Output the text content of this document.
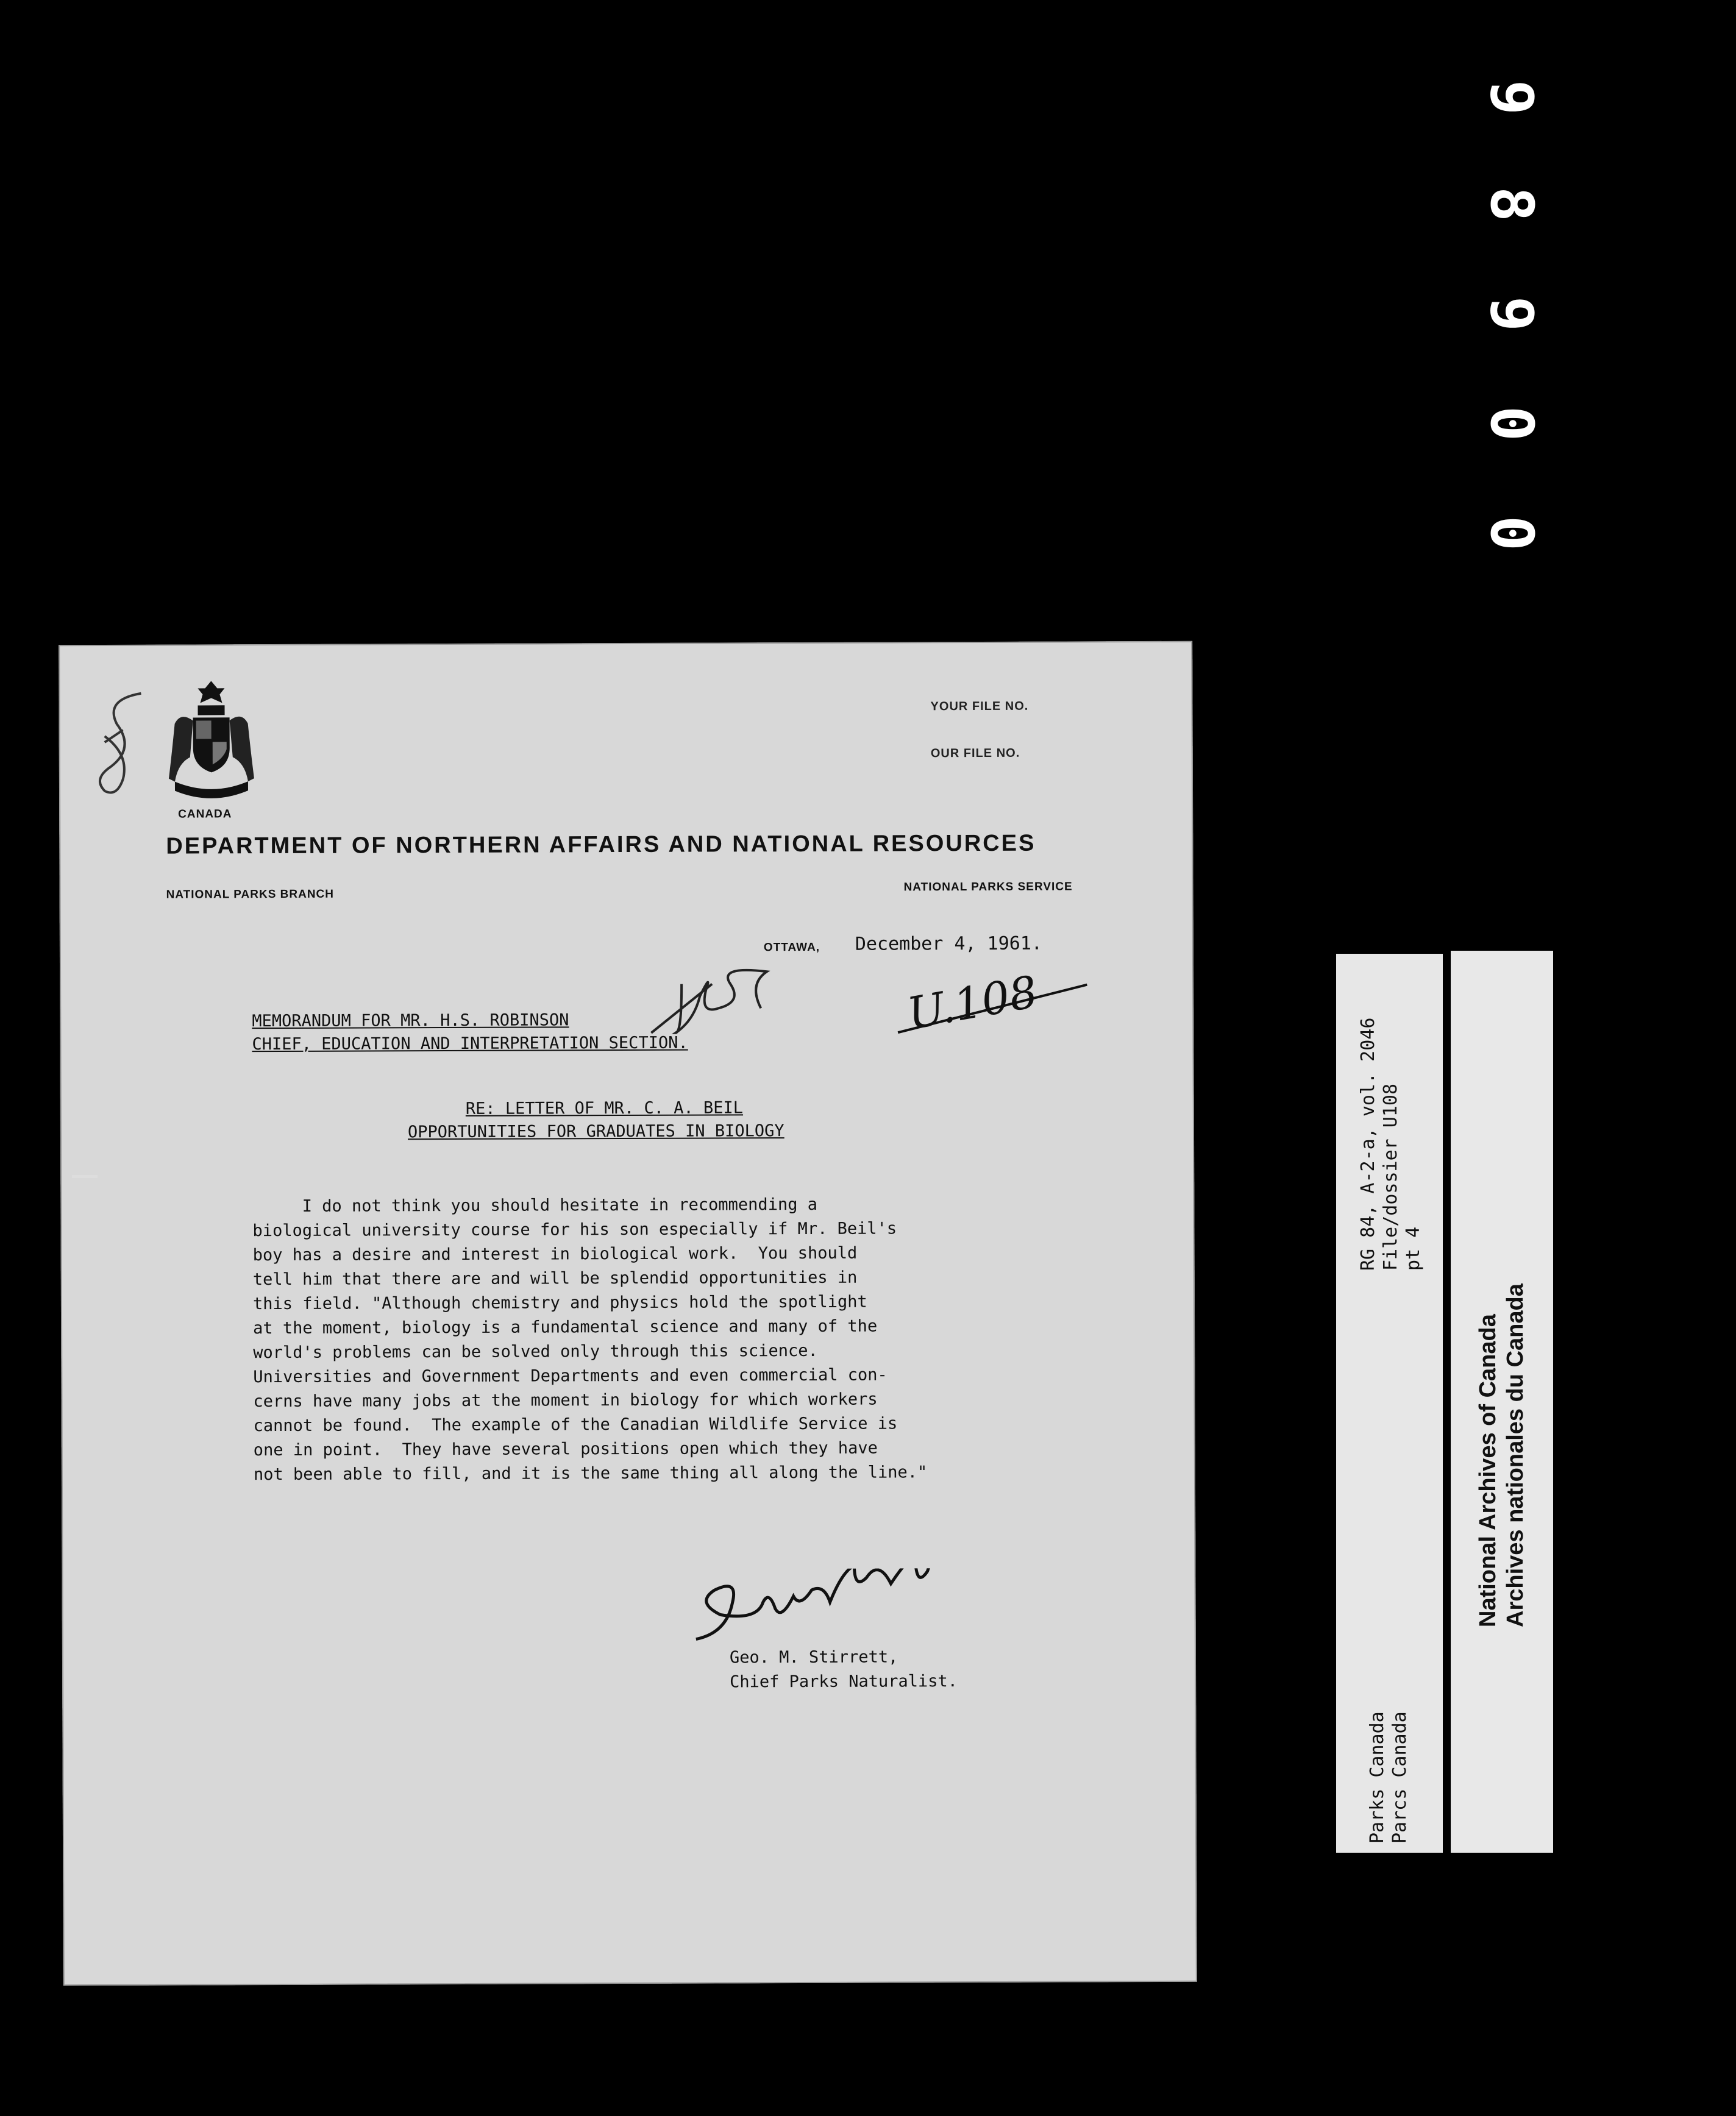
9
8
9
0
0
CANADA
YOUR FILE NO.
OUR FILE NO.
DEPARTMENT OF NORTHERN AFFAIRS AND NATIONAL RESOURCES
NATIONAL PARKS BRANCH
NATIONAL PARKS SERVICE
OTTAWA, December 4, 1961.
MEMORANDUM FOR MR. H.S. ROBINSON
CHIEF, EDUCATION AND INTERPRETATION SECTION.
U.108
RE: LETTER OF MR. C. A. BEIL
OPPORTUNITIES FOR GRADUATES IN BIOLOGY
I do not think you should hesitate in recommending a
biological university course for his son especially if Mr. Beil's
boy has a desire and interest in biological work.  You should
tell him that there are and will be splendid opportunities in
this field. "Although chemistry and physics hold the spotlight
at the moment, biology is a fundamental science and many of the
world's problems can be solved only through this science.
Universities and Government Departments and even commercial con-
cerns have many jobs at the moment in biology for which workers
cannot be found.  The example of the Canadian Wildlife Service is
one in point.  They have several positions open which they have
not been able to fill, and it is the same thing all along the line."
Geo. M. Stirrett,
Chief Parks Naturalist.
RG 84, A-2-a, vol. 2046 File/dossier U108 pt 4
Parks Canada Parcs Canada
National Archives of Canada Archives nationales du Canada
